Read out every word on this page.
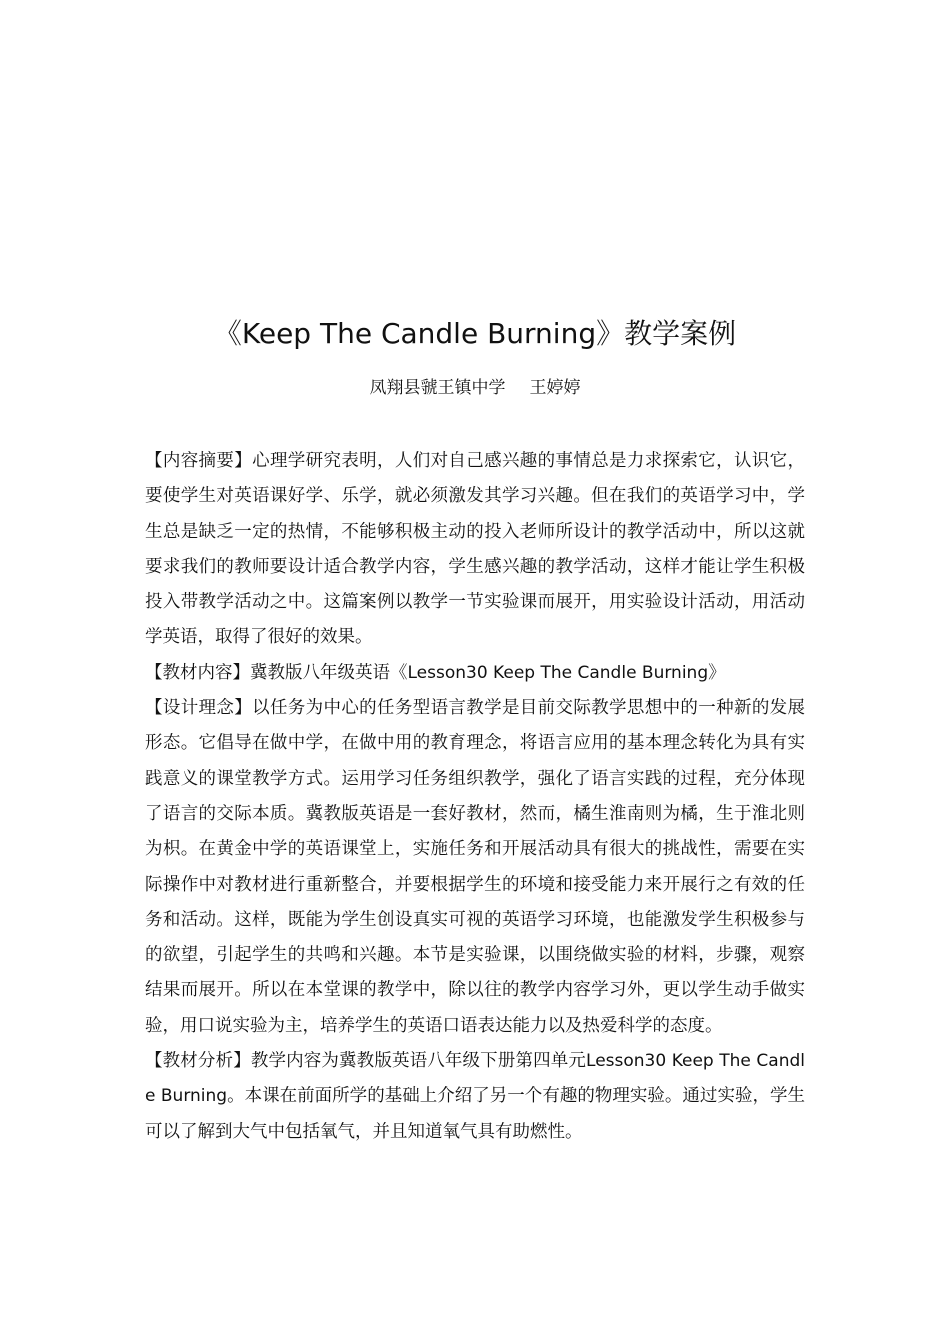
《Keep The Candle Burning》教学案例
凤翔县虢王镇中学 王婷婷

【内容摘要】心理学研究表明，人们对自己感兴趣的事情总是力求探索它，认识它，要使学生对英语课好学、乐学，就必须激发其学习兴趣。但在我们的英语学习中，学生总是缺乏一定的热情，不能够积极主动的投入老师所设计的教学活动中，所以这就要求我们的教师要设计适合教学内容，学生感兴趣的教学活动，这样才能让学生积极投入带教学活动之中。这篇案例以教学一节实验课而展开，用实验设计活动，用活动学英语，取得了很好的效果。

【教材内容】冀教版八年级英语《Lesson30 Keep The Candle Burning》

【设计理念】以任务为中心的任务型语言教学是目前交际教学思想中的一种新的发展形态。它倡导在做中学，在做中用的教育理念，将语言应用的基本理念转化为具有实践意义的课堂教学方式。运用学习任务组织教学，强化了语言实践的过程，充分体现了语言的交际本质。冀教版英语是一套好教材，然而，橘生淮南则为橘，生于淮北则为枳。在黄金中学的英语课堂上，实施任务和开展活动具有很大的挑战性，需要在实际操作中对教材进行重新整合，并要根据学生的环境和接受能力来开展行之有效的任务和活动。这样，既能为学生创设真实可视的英语学习环境，也能激发学生积极参与的欲望，引起学生的共鸣和兴趣。本节是实验课，以围绕做实验的材料，步骤，观察结果而展开。所以在本堂课的教学中，除以往的教学内容学习外，更以学生动手做实验，用口说实验为主，培养学生的英语口语表达能力以及热爱科学的态度。

【教材分析】教学内容为冀教版英语八年级下册第四单元Lesson30 Keep The Candle Burning。本课在前面所学的基础上介绍了另一个有趣的物理实验。通过实验，学生可以了解到大气中包括氧气，并且知道氧气具有助燃性。
